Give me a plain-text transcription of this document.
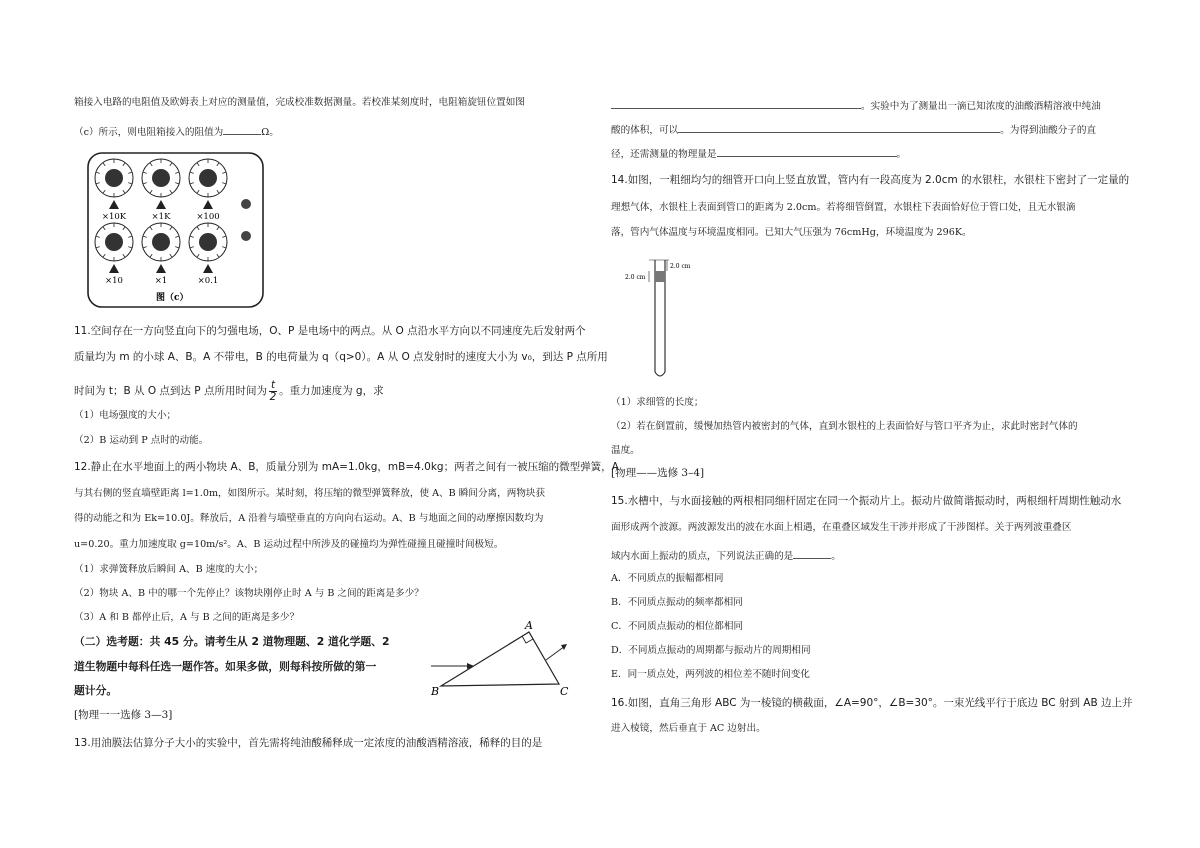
箱接入电路的电阻值及欧姆表上对应的测量值，完成校准数据测量。若校准某刻度时，电阻箱旋钮位置如图
（c）所示，则电阻箱接入的阻值为	Ω。
×10K	×1K	×100
×10	×1	×0.1
图（c）
11.空间存在一方向竖直向下的匀强电场，O、P 是电场中的两点。从 O 点沿水平方向以不同速度先后发射两个
质量均为 m 的小球 A、B。A 不带电，B 的电荷量为 q（q>0）。A 从 O 点发射时的速度大小为 v₀，到达 P 点所用
时间为 t；B 从 O 点到达 P 点所用时间为 $\frac{t}{2}$ 。重力加速度为 g，求
（1）电场强度的大小；
（2）B 运动到 P 点时的动能。
12.静止在水平地面上的两小物块 A、B，质量分别为 mA=1.0kg，mB=4.0kg；两者之间有一被压缩的微型弹簧，A
与其右侧的竖直墙壁距离 l=1.0m，如图所示。某时刻，将压缩的微型弹簧释放，使 A、B 瞬间分离，两物块获
得的动能之和为 Ek=10.0J。释放后，A 沿着与墙壁垂直的方向向右运动。A、B 与地面之间的动摩擦因数均为
u=0.20。重力加速度取 g=10m/s²。A、B 运动过程中所涉及的碰撞均为弹性碰撞且碰撞时间极短。
（1）求弹簧释放后瞬间 A、B 速度的大小；
（2）物块 A、B 中的哪一个先停止？该物块刚停止时 A 与 B 之间的距离是多少？
（3）A 和 B 都停止后，A 与 B 之间的距离是多少？
（二）选考题：共 45 分。请考生从 2 道物理题、2 道化学题、2
道生物题中每科任选一题作答。如果多做，则每科按所做的第一
题计分。
[物理一一选修 3—3]
A
B	C
13.用油膜法估算分子大小的实验中，首先需将纯油酸稀释成一定浓度的油酸酒精溶液，稀释的目的是
。实验中为了测量出一滴已知浓度的油酸酒精溶液中纯油
酸的体积，可以	。为得到油酸分子的直
径，还需测量的物理量是	。
14.如图，一粗细均匀的细管开口向上竖直放置，管内有一段高度为 2.0cm 的水银柱，水银柱下密封了一定量的
理想气体，水银柱上表面到管口的距离为 2.0cm。若将细管倒置，水银柱下表面恰好位于管口处，且无水银滴
落，管内气体温度与环境温度相同。已知大气压强为 76cmHg，环境温度为 296K。
2.0 cm
2.0 cm
（1）求细管的长度；
（2）若在倒置前，缓慢加热管内被密封的气体，直到水银柱的上表面恰好与管口平齐为止，求此时密封气体的
温度。
[物理——选修 3–4]
15.水槽中，与水面接触的两根相同细杆固定在同一个振动片上。振动片做简谐振动时，两根细杆周期性触动水
面形成两个波源。两波源发出的波在水面上相遇，在重叠区域发生干涉并形成了干涉图样。关于两列波重叠区
域内水面上振动的质点，下列说法正确的是	。
A．不同质点的振幅都相同
B．不同质点振动的频率都相同
C．不同质点振动的相位都相同
D．不同质点振动的周期都与振动片的周期相同
E．同一质点处，两列波的相位差不随时间变化
16.如图，直角三角形 ABC 为一棱镜的横截面，∠A=90°，∠B=30°。一束光线平行于底边 BC 射到 AB 边上并
进入棱镜，然后垂直于 AC 边射出。
